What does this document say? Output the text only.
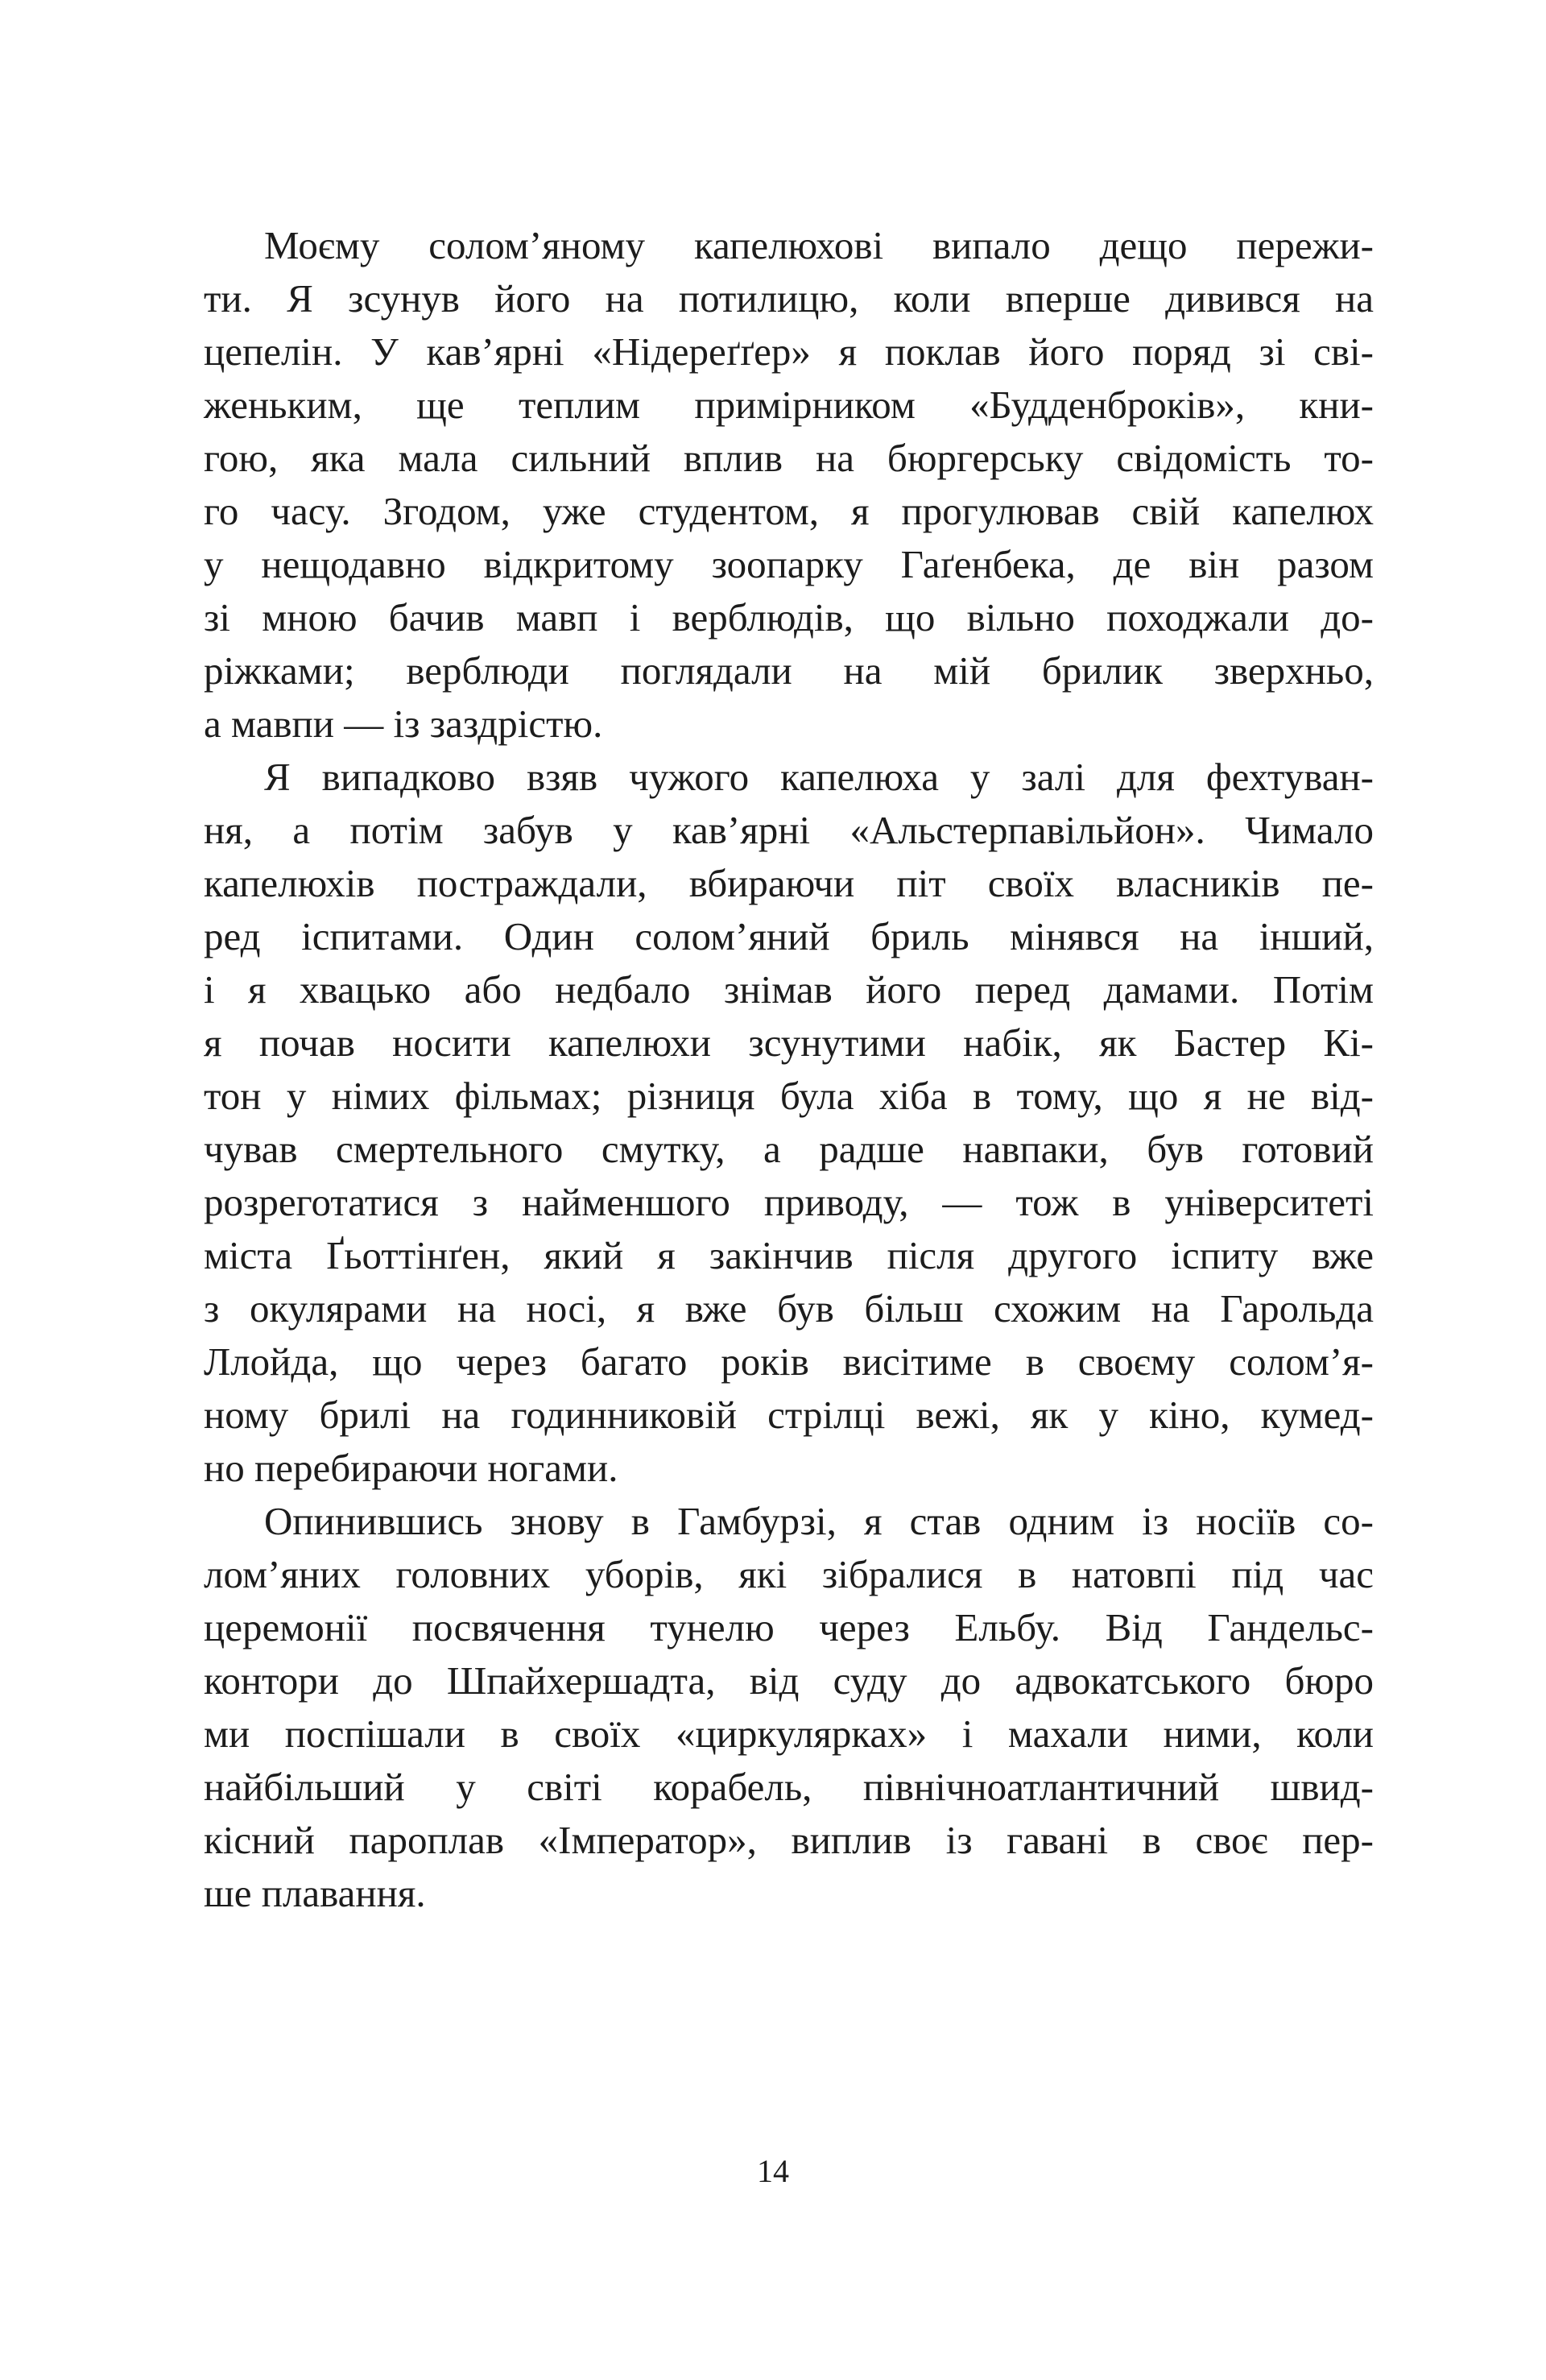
Моєму солом’яному капелюхові випало дещо пережи-
ти. Я зсунув його на потилицю, коли вперше дивився на
цепелін. У кав’ярні «Нідереґґер» я поклав його поряд зі сві-
женьким, ще теплим примірником «Будденброків», кни-
гою, яка мала сильний вплив на бюргерську свідомість то-
го часу. Згодом, уже студентом, я прогулював свій капелюх
у нещодавно відкритому зоопарку Гаґенбека, де він разом
зі мною бачив мавп і верблюдів, що вільно походжали до-
ріжками; верблюди поглядали на мій брилик зверхньо,
а мавпи — із заздрістю.
Я випадково взяв чужого капелюха у залі для фехтуван-
ня, а потім забув у кав’ярні «Альстерпавільйон». Чимало
капелюхів постраждали, вбираючи піт своїх власників пе-
ред іспитами. Один солом’яний бриль мінявся на інший,
і я хвацько або недбало знімав його перед дамами. Потім
я почав носити капелюхи зсунутими набік, як Бастер Кі-
тон у німих фільмах; різниця була хіба в тому, що я не від-
чував смертельного смутку, а радше навпаки, був готовий
розреготатися з найменшого приводу, — тож в університеті
міста Ґьоттінґен, який я закінчив після другого іспиту вже
з окулярами на носі, я вже був більш схожим на Гарольда
Ллойда, що через багато років висітиме в своєму солом’я-
ному брилі на годинниковій стрілці вежі, як у кіно, кумед-
но перебираючи ногами.
Опинившись знову в Гамбурзі, я став одним із носіїв со-
лом’яних головних уборів, які зібралися в натовпі під час
церемонії посвячення тунелю через Ельбу. Від Гандельс-
контори до Шпайхершадта, від суду до адвокатського бюро
ми поспішали в своїх «циркулярках» і махали ними, коли
найбільший у світі корабель, північноатлантичний швид-
кісний пароплав «Імператор», виплив із гавані в своє пер-
ше плавання.
14
